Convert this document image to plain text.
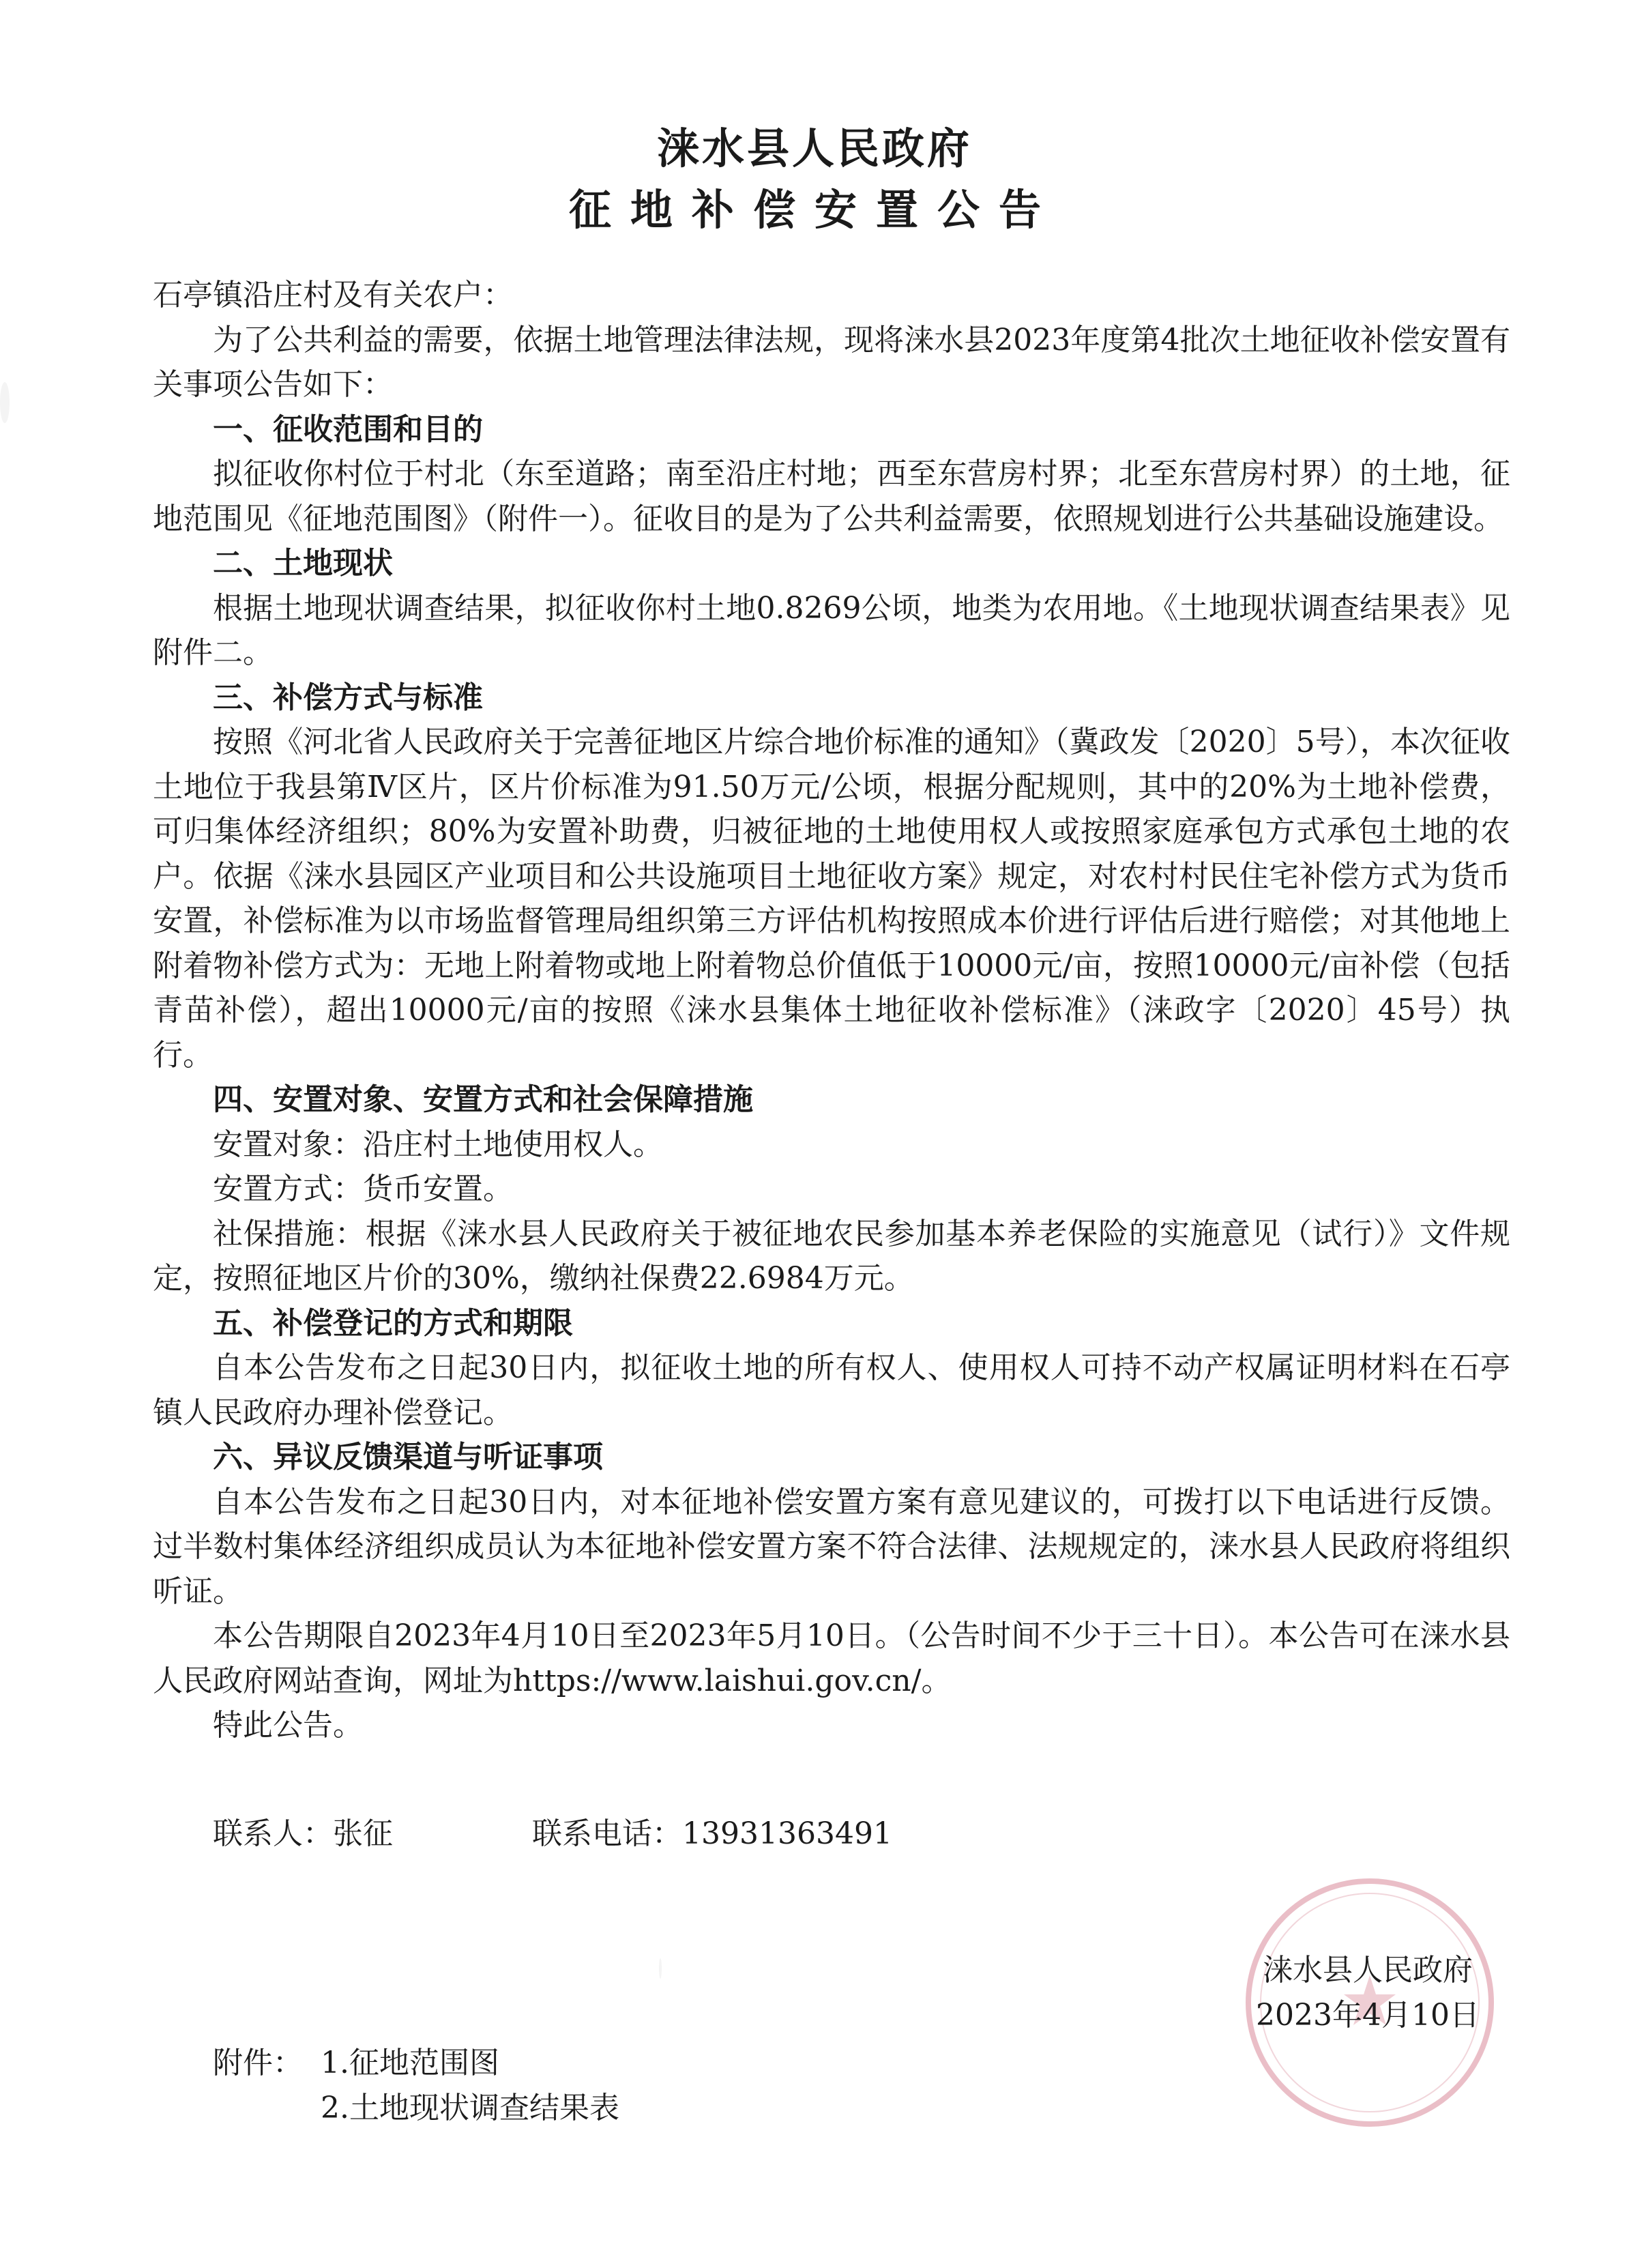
涞水县人民政府
征地补偿安置公告

石亭镇沿庄村及有关农户：

为了公共利益的需要，依据土地管理法律法规，现将涞水县2023年度第4批次土地征收补偿安置有关事项公告如下：

一、征收范围和目的

拟征收你村位于村北（东至道路；南至沿庄村地；西至东营房村界；北至东营房村界）的土地，征地范围见《征地范围图》（附件一）。征收目的是为了公共利益需要，依照规划进行公共基础设施建设。

二、土地现状

根据土地现状调查结果，拟征收你村土地0.8269公顷，地类为农用地。《土地现状调查结果表》见附件二。

三、补偿方式与标准

按照《河北省人民政府关于完善征地区片综合地价标准的通知》（冀政发〔2020〕5号），本次征收土地位于我县第Ⅳ区片，区片价标准为91.50万元/公顷，根据分配规则，其中的20%为土地补偿费，可归集体经济组织；80%为安置补助费，归被征地的土地使用权人或按照家庭承包方式承包土地的农户。依据《涞水县园区产业项目和公共设施项目土地征收方案》规定，对农村村民住宅补偿方式为货币安置，补偿标准为以市场监督管理局组织第三方评估机构按照成本价进行评估后进行赔偿；对其他地上附着物补偿方式为：无地上附着物或地上附着物总价值低于10000元/亩，按照10000元/亩补偿（包括青苗补偿），超出10000元/亩的按照《涞水县集体土地征收补偿标准》（涞政字〔2020〕45号）执行。

四、安置对象、安置方式和社会保障措施

安置对象：沿庄村土地使用权人。

安置方式：货币安置。

社保措施：根据《涞水县人民政府关于被征地农民参加基本养老保险的实施意见（试行）》文件规定，按照征地区片价的30%，缴纳社保费22.6984万元。

五、补偿登记的方式和期限

自本公告发布之日起30日内，拟征收土地的所有权人、使用权人可持不动产权属证明材料在石亭镇人民政府办理补偿登记。

六、异议反馈渠道与听证事项

自本公告发布之日起30日内，对本征地补偿安置方案有意见建议的，可拨打以下电话进行反馈。过半数村集体经济组织成员认为本征地补偿安置方案不符合法律、法规规定的，涞水县人民政府将组织听证。

本公告期限自2023年4月10日至2023年5月10日。（公告时间不少于三十日）。本公告可在涞水县人民政府网站查询，网址为https://www.laishui.gov.cn/。

特此公告。

联系人：张征	联系电话：13931363491
涞水县人民政府
2023年4月10日
附件： 1.征地范围图
2.土地现状调查结果表
